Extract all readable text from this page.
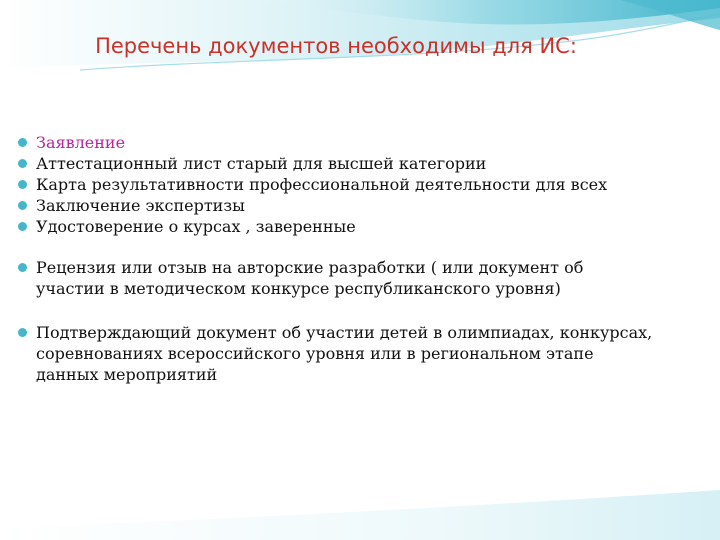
Перечень документов необходимы для ИС:
Заявление
Аттестационный лист старый для высшей категории
Карта результативности профессиональной деятельности для всех
Заключение экспертизы
Удостоверение о курсах , заверенные
Рецензия или отзыв на авторские разработки ( или документ об участии в методическом конкурсе республиканского уровня)
Подтверждающий документ об участии детей в олимпиадах, конкурсах, соревнованиях всероссийского уровня или в региональном этапе данных мероприятий
